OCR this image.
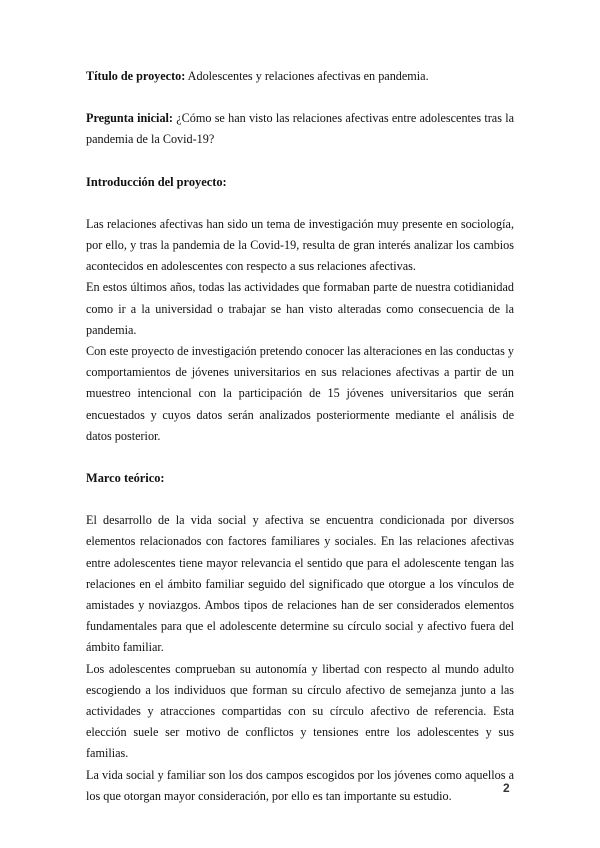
Título de proyecto: Adolescentes y relaciones afectivas en pandemia.

Pregunta inicial: ¿Cómo se han visto las relaciones afectivas entre adolescentes tras la pandemia de la Covid-19?

Introducción del proyecto:

Las relaciones afectivas han sido un tema de investigación muy presente en sociología, por ello, y tras la pandemia de la Covid-19, resulta de gran interés analizar los cambios acontecidos en adolescentes con respecto a sus relaciones afectivas.

En estos últimos años, todas las actividades que formaban parte de nuestra cotidianidad como ir a la universidad o trabajar se han visto alteradas como consecuencia de la pandemia.

Con este proyecto de investigación pretendo conocer las alteraciones en las conductas y comportamientos de jóvenes universitarios en sus relaciones afectivas a partir de un muestreo intencional con la participación de 15 jóvenes universitarios que serán encuestados y cuyos datos serán analizados posteriormente mediante el análisis de datos posterior.

Marco teórico:

El desarrollo de la vida social y afectiva se encuentra condicionada por diversos elementos relacionados con factores familiares y sociales. En las relaciones afectivas entre adolescentes tiene mayor relevancia el sentido que para el adolescente tengan las relaciones en el ámbito familiar seguido del significado que otorgue a los vínculos de amistades y noviazgos. Ambos tipos de relaciones han de ser considerados elementos fundamentales para que el adolescente determine su círculo social y afectivo fuera del ámbito familiar.

Los adolescentes comprueban su autonomía y libertad con respecto al mundo adulto escogiendo a los individuos que forman su círculo afectivo de semejanza junto a las actividades y atracciones compartidas con su círculo afectivo de referencia. Esta elección suele ser motivo de conflictos y tensiones entre los adolescentes y sus familias.

La vida social y familiar son los dos campos escogidos por los jóvenes como aquellos a los que otorgan mayor consideración, por ello es tan importante su estudio.

2
